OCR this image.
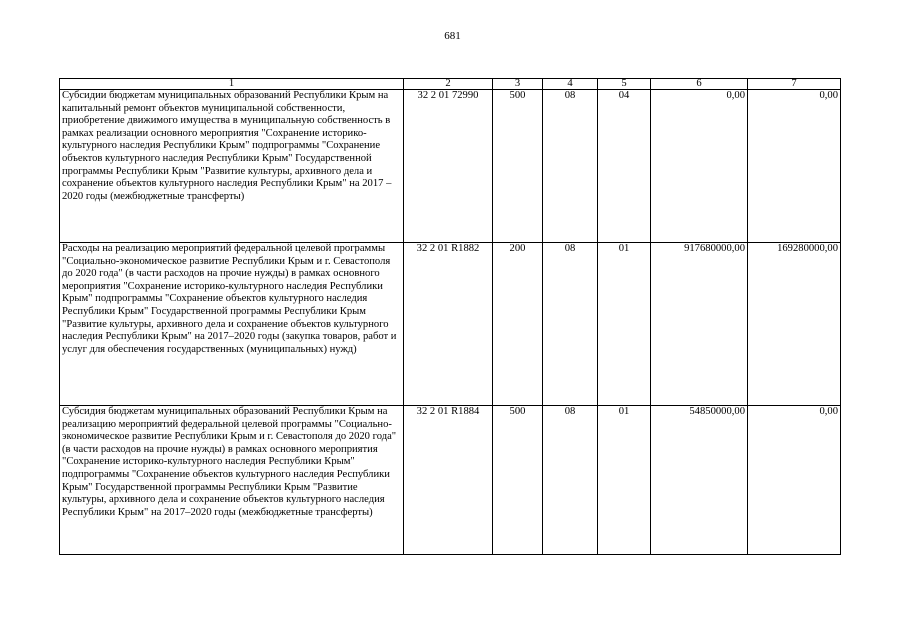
681
1	2	3	4	5	6	7
Субсидии бюджетам муниципальных образований Республики Крым на капитальный ремонт объектов муниципальной собственности, приобретение движимого имущества в муниципальную собственность в рамках реализации основного мероприятия "Сохранение историко-культурного наследия Республики Крым" подпрограммы "Сохранение объектов культурного наследия Республики Крым" Государственной программы Республики Крым "Развитие культуры, архивного дела и сохранение объектов культурного наследия Республики Крым" на 2017 – 2020 годы (межбюджетные трансферты)	32 2 01 72990	500	08	04	0,00	0,00
Расходы на реализацию мероприятий федеральной целевой программы "Социально-экономическое развитие Республики Крым и г. Севастополя до 2020 года" (в части расходов на прочие нужды) в рамках основного мероприятия "Сохранение историко-культурного наследия Республики Крым" подпрограммы "Сохранение объектов культурного наследия Республики Крым" Государственной программы Республики Крым "Развитие культуры, архивного дела и сохранение объектов культурного наследия Республики Крым" на 2017–2020 годы (закупка товаров, работ и услуг для обеспечения государственных (муниципальных) нужд)	32 2 01 R1882	200	08	01	917680000,00	169280000,00
Субсидия бюджетам муниципальных образований Республики Крым на реализацию мероприятий федеральной целевой программы "Социально-экономическое развитие Республики Крым и г. Севастополя до 2020 года" (в части расходов на прочие нужды) в рамках основного мероприятия "Сохранение историко-культурного наследия Республики Крым" подпрограммы "Сохранение объектов культурного наследия Республики Крым" Государственной программы Республики Крым "Развитие культуры, архивного дела и сохранение объектов культурного наследия Республики Крым" на 2017–2020 годы (межбюджетные трансферты)	32 2 01 R1884	500	08	01	54850000,00	0,00
